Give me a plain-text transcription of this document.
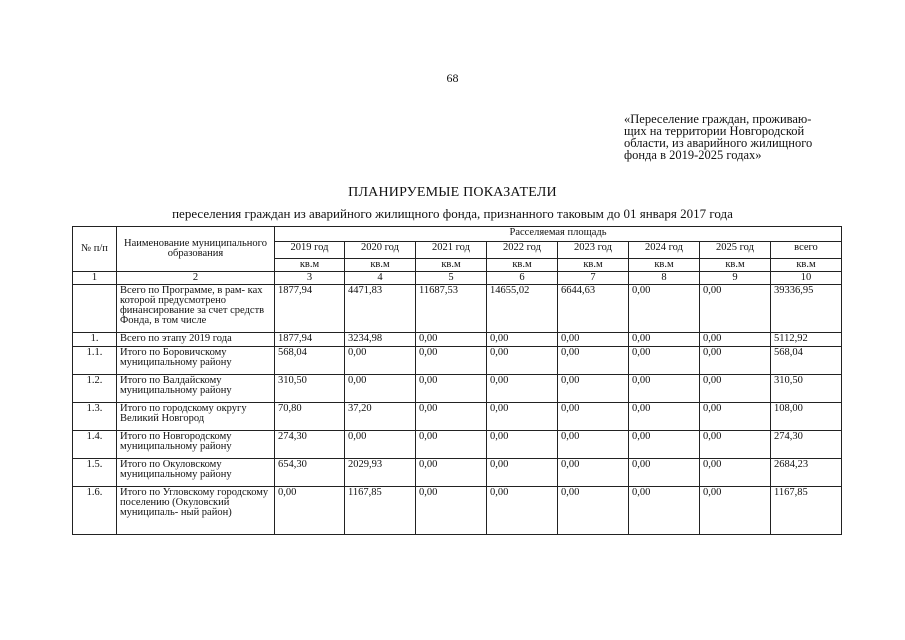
68
«Переселение граждан, проживаю-
щих на территории Новгородской
области, из аварийного жилищного
фонда в 2019-2025 годах»
ПЛАНИРУЕМЫЕ ПОКАЗАТЕЛИ
переселения граждан из аварийного жилищного фонда, признанного таковым до 01 января 2017 года
№ п/п	Наименование муниципального образования	Расселяемая площадь							
		2019 год	2020 год	2021 год	2022 год	2023 год	2024 год	2025 год	всего
		кв.м	кв.м	кв.м	кв.м	кв.м	кв.м	кв.м	кв.м
1	2	3	4	5	6	7	8	9	10
	Всего по Программе, в рам- ках которой предусмотрено финансирование за счет средств Фонда, в том числе	1877,94	4471,83	11687,53	14655,02	6644,63	0,00	0,00	39336,95
1.	Всего по этапу 2019 года	1877,94	3234,98	0,00	0,00	0,00	0,00	0,00	5112,92
1.1.	Итого по Боровичскому муниципальному району	568,04	0,00	0,00	0,00	0,00	0,00	0,00	568,04
1.2.	Итого по Валдайскому муниципальному району	310,50	0,00	0,00	0,00	0,00	0,00	0,00	310,50
1.3.	Итого по городскому округу Великий Новгород	70,80	37,20	0,00	0,00	0,00	0,00	0,00	108,00
1.4.	Итого по Новгородскому муниципальному району	274,30	0,00	0,00	0,00	0,00	0,00	0,00	274,30
1.5.	Итого по Окуловскому муниципальному району	654,30	2029,93	0,00	0,00	0,00	0,00	0,00	2684,23
1.6.	Итого по Угловскому городскому поселению (Окуловский муниципаль- ный район)	0,00	1167,85	0,00	0,00	0,00	0,00	0,00	1167,85
